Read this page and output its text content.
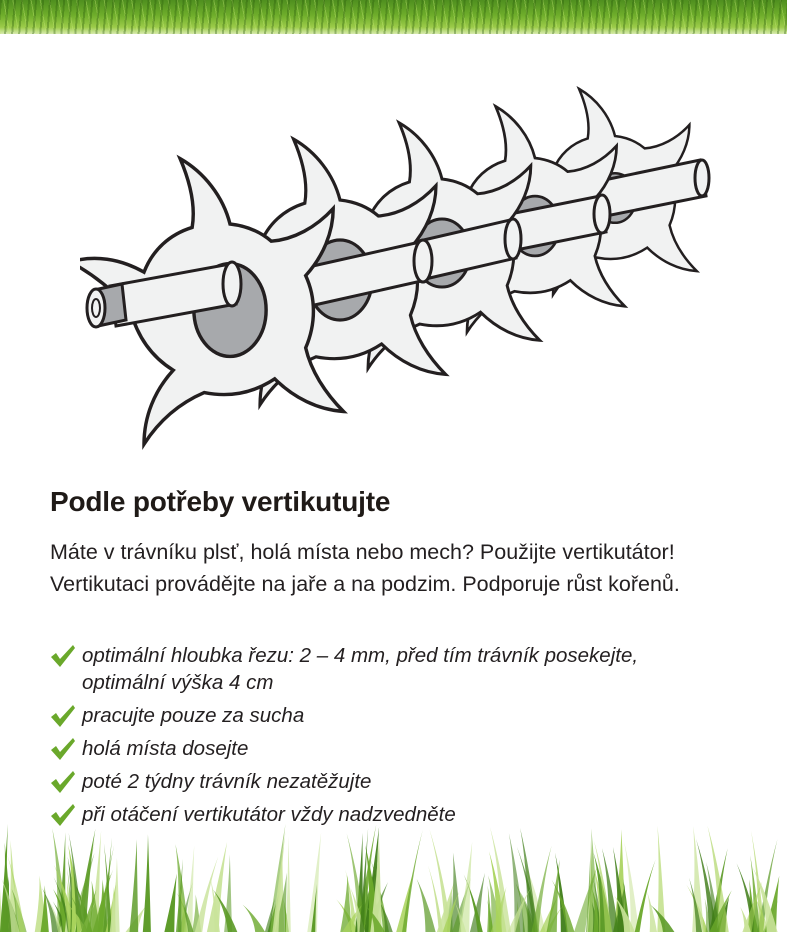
Podle potřeby vertikutujte

Máte v trávníku plsť, holá místa nebo mech? Použijte vertikutátor!
Vertikutaci provádějte na jaře a na podzim. Podporuje růst kořenů.

optimální hloubka řezu: 2 – 4 mm, před tím trávník posekejte,
optimální výška 4 cm
pracujte pouze za sucha
holá místa dosejte
poté 2 týdny trávník nezatěžujte
při otáčení vertikutátor vždy nadzvedněte
